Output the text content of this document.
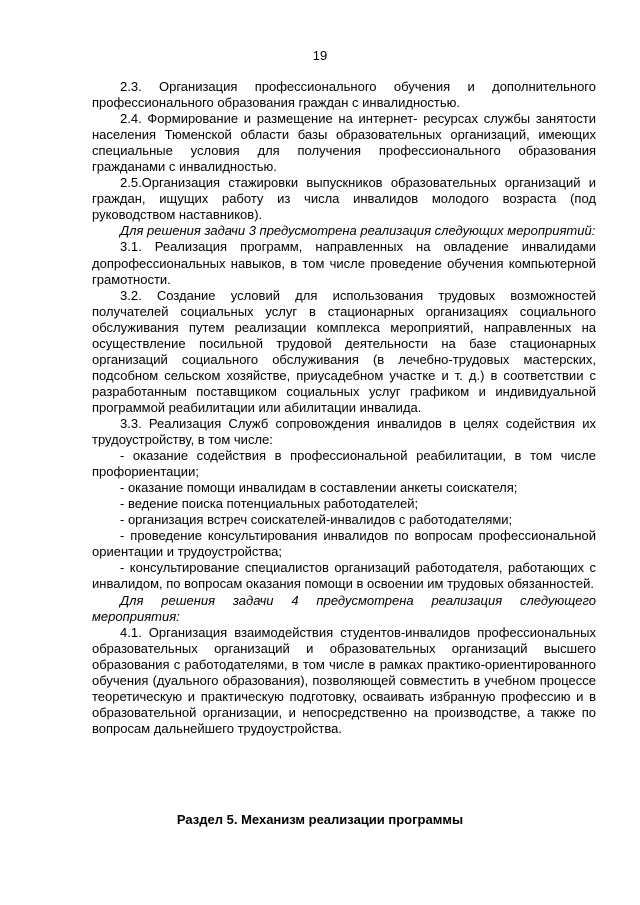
19

2.3. Организация профессионального обучения и дополнительного профессионального образования граждан с инвалидностью.

2.4. Формирование и размещение на интернет- ресурсах службы занятости населения Тюменской области базы образовательных организаций, имеющих специальные условия для получения профессионального образования гражданами с инвалидностью.

2.5.Организация стажировки выпускников образовательных организаций и граждан, ищущих работу из числа инвалидов молодого возраста (под руководством наставников).

Для решения задачи 3 предусмотрена реализация следующих мероприятий:

3.1. Реализация программ, направленных на овладение инвалидами допрофессиональных навыков, в том числе проведение обучения компьютерной грамотности.

3.2. Создание условий для использования трудовых возможностей получателей социальных услуг в стационарных организациях социального обслуживания путем реализации комплекса мероприятий, направленных на осуществление посильной трудовой деятельности на базе стационарных организаций социального обслуживания (в лечебно-трудовых мастерских, подсобном сельском хозяйстве, приусадебном участке и т. д.) в соответствии с разработанным поставщиком социальных услуг графиком и индивидуальной программой реабилитации или абилитации инвалида.

3.3. Реализация Служб сопровождения инвалидов в целях содействия их трудоустройству, в том числе:

- оказание содействия в профессиональной реабилитации, в том числе профориентации;

- оказание помощи инвалидам в составлении анкеты соискателя;

- ведение поиска потенциальных работодателей;

- организация встреч соискателей-инвалидов с работодателями;

- проведение консультирования инвалидов по вопросам профессиональной ориентации и трудоустройства;

- консультирование специалистов организаций работодателя, работающих с инвалидом, по вопросам оказания помощи в освоении им трудовых обязанностей.

Для решения задачи 4 предусмотрена реализация следующего мероприятия:

4.1. Организация взаимодействия студентов-инвалидов профессиональных образовательных организаций и образовательных организаций высшего образования с работодателями, в том числе в рамках практико-ориентированного обучения (дуального образования), позволяющей совместить в учебном процессе теоретическую и практическую подготовку, осваивать избранную профессию и в образовательной организации, и непосредственно на производстве, а также по вопросам дальнейшего трудоустройства.

Раздел 5. Механизм реализации программы
